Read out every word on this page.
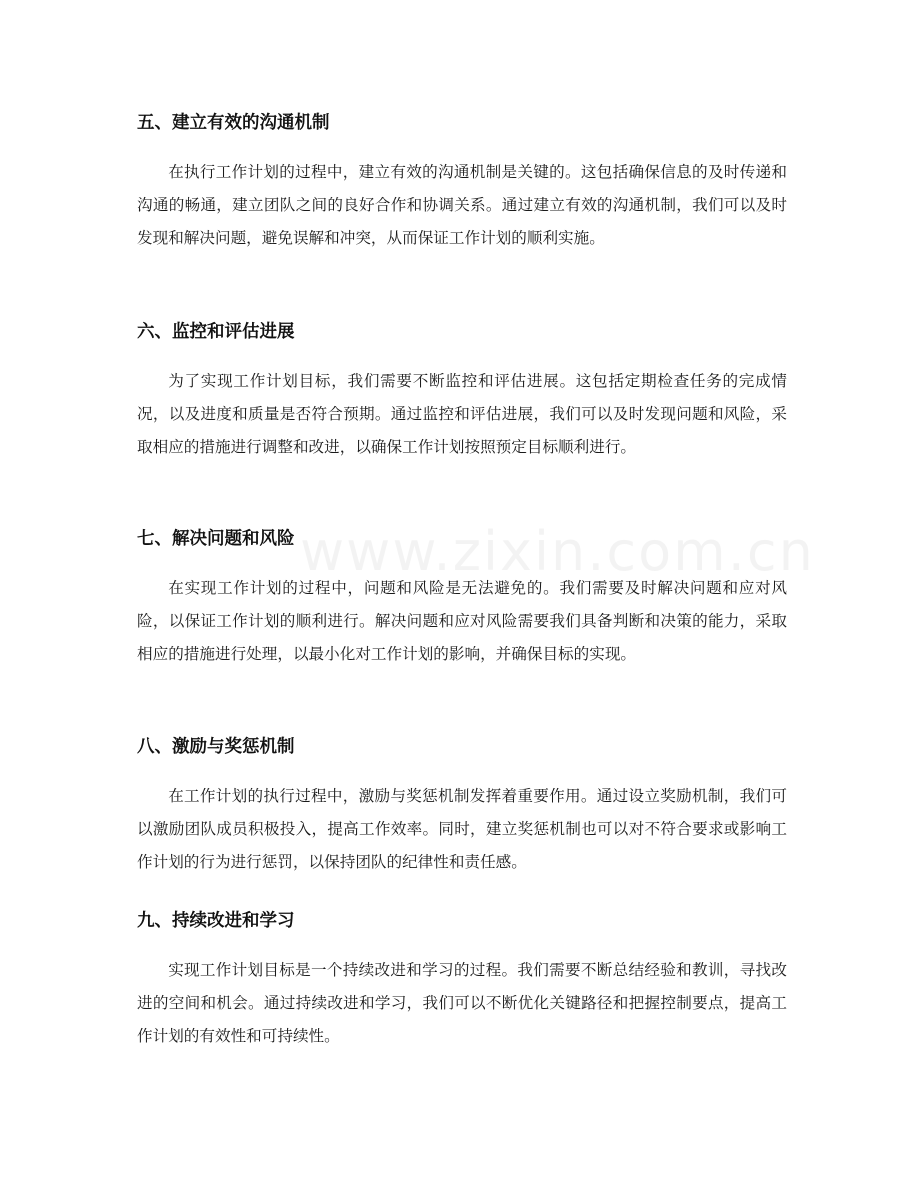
五、建立有效的沟通机制

在执行工作计划的过程中，建立有效的沟通机制是关键的。这包括确保信息的及时传递和沟通的畅通，建立团队之间的良好合作和协调关系。通过建立有效的沟通机制，我们可以及时发现和解决问题，避免误解和冲突，从而保证工作计划的顺利实施。

六、监控和评估进展

为了实现工作计划目标，我们需要不断监控和评估进展。这包括定期检查任务的完成情况，以及进度和质量是否符合预期。通过监控和评估进展，我们可以及时发现问题和风险，采取相应的措施进行调整和改进，以确保工作计划按照预定目标顺利进行。

七、解决问题和风险

在实现工作计划的过程中，问题和风险是无法避免的。我们需要及时解决问题和应对风险，以保证工作计划的顺利进行。解决问题和应对风险需要我们具备判断和决策的能力，采取相应的措施进行处理，以最小化对工作计划的影响，并确保目标的实现。

八、激励与奖惩机制

在工作计划的执行过程中，激励与奖惩机制发挥着重要作用。通过设立奖励机制，我们可以激励团队成员积极投入，提高工作效率。同时，建立奖惩机制也可以对不符合要求或影响工作计划的行为进行惩罚，以保持团队的纪律性和责任感。

九、持续改进和学习

实现工作计划目标是一个持续改进和学习的过程。我们需要不断总结经验和教训，寻找改进的空间和机会。通过持续改进和学习，我们可以不断优化关键路径和把握控制要点，提高工作计划的有效性和可持续性。
